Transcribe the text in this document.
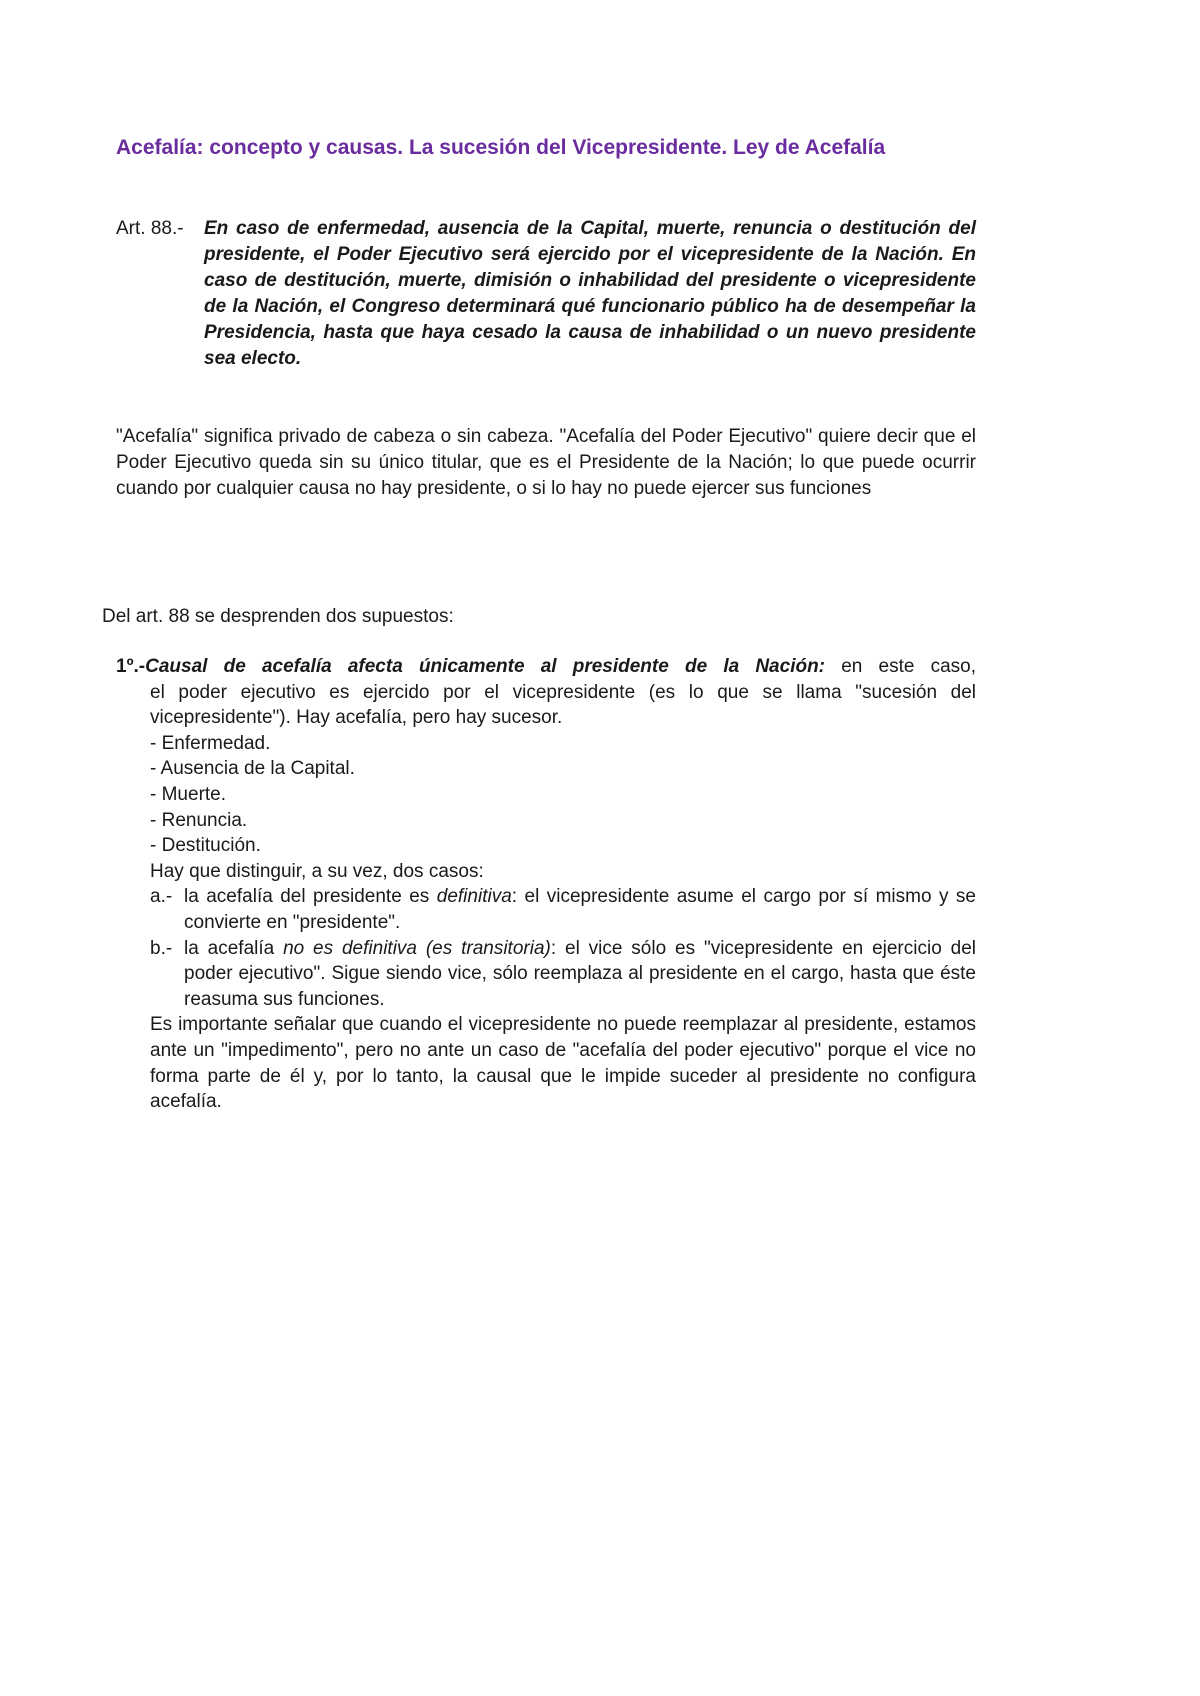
Acefalía: concepto y causas. La sucesión del Vicepresidente. Ley de Acefalía
Art. 88.-	En caso de enfermedad, ausencia de la Capital, muerte, renuncia o destitución del presidente, el Poder Ejecutivo será ejercido por el vicepresidente de la Nación. En caso de destitución, muerte, dimisión o inhabilidad del presidente o vicepresidente de la Nación, el Congreso determinará qué funcionario público ha de desempeñar la Presidencia, hasta que haya cesado la causa de inhabilidad o un nuevo presidente sea electo.
"Acefalía" significa privado de cabeza o sin cabeza. "Acefalía del Poder Ejecutivo" quiere decir que el Poder Ejecutivo queda sin su único titular, que es el Presidente de la Nación; lo que puede ocurrir cuando por cualquier causa no hay presidente, o si lo hay no puede ejercer sus funciones
Del art. 88 se desprenden dos supuestos:
1º.-Causal de acefalía afecta únicamente al presidente de la Nación: en este caso,
el poder ejecutivo es ejercido por el vicepresidente (es lo que se llama "sucesión del vicepresidente"). Hay acefalía, pero hay sucesor.
- Enfermedad.
- Ausencia de la Capital.
- Muerte.
- Renuncia.
- Destitución.
Hay que distinguir, a su vez, dos casos:
a.- la acefalía del presidente es definitiva: el vicepresidente asume el cargo por sí mismo y se convierte en "presidente".
b.- la acefalía no es definitiva (es transitoria): el vice sólo es "vicepresidente en ejercicio del poder ejecutivo". Sigue siendo vice, sólo reemplaza al presidente en el cargo, hasta que éste reasuma sus funciones.
Es importante señalar que cuando el vicepresidente no puede reemplazar al presidente, estamos ante un "impedimento", pero no ante un caso de "acefalía del poder ejecutivo" porque el vice no forma parte de él y, por lo tanto, la causal que le impide suceder al presidente no configura acefalía.
